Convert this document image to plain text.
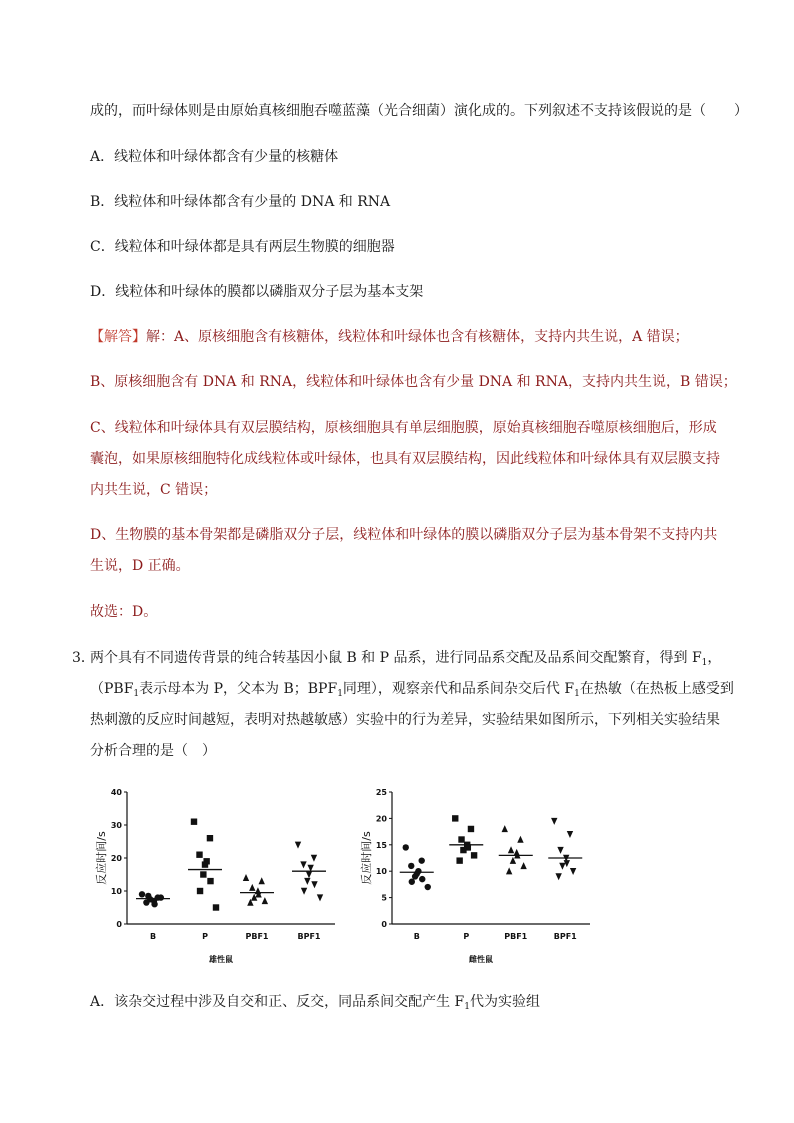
成的，而叶绿体则是由原始真核细胞吞噬蓝藻（光合细菌）演化成的。下列叙述不支持该假说的是（　　）
A．线粒体和叶绿体都含有少量的核糖体
B．线粒体和叶绿体都含有少量的 DNA 和 RNA
C．线粒体和叶绿体都是具有两层生物膜的细胞器
D．线粒体和叶绿体的膜都以磷脂双分子层为基本支架
【解答】解：A、原核细胞含有核糖体，线粒体和叶绿体也含有核糖体，支持内共生说，A 错误；
B、原核细胞含有 DNA 和 RNA，线粒体和叶绿体也含有少量 DNA 和 RNA，支持内共生说，B 错误；
C、线粒体和叶绿体具有双层膜结构，原核细胞具有单层细胞膜，原始真核细胞吞噬原核细胞后，形成
囊泡，如果原核细胞特化成线粒体或叶绿体，也具有双层膜结构，因此线粒体和叶绿体具有双层膜支持
内共生说，C 错误；
D、生物膜的基本骨架都是磷脂双分子层，线粒体和叶绿体的膜以磷脂双分子层为基本骨架不支持内共
生说，D 正确。
故选：D。
3．
两个具有不同遗传背景的纯合转基因小鼠 B 和 P 品系，进行同品系交配及品系间交配繁育，得到 $F_1$，
（$PBF_1$表示母本为 P，父本为 B；$BPF_1$同理），观察亲代和品系间杂交后代 $F_1$在热敏（在热板上感受到
热刺激的反应时间越短，表明对热越敏感）实验中的行为差异，实验结果如图所示，下列相关实验结果
分析合理的是（　）
0
10
20
30
40
反应时间/s
B	P	PBF1	BPF1
雄性鼠
0
5
10
15
20
25
反应时间/s
B	P	PBF1	BPF1
雌性鼠
A．该杂交过程中涉及自交和正、反交，同品系间交配产生 $F_1$代为实验组
